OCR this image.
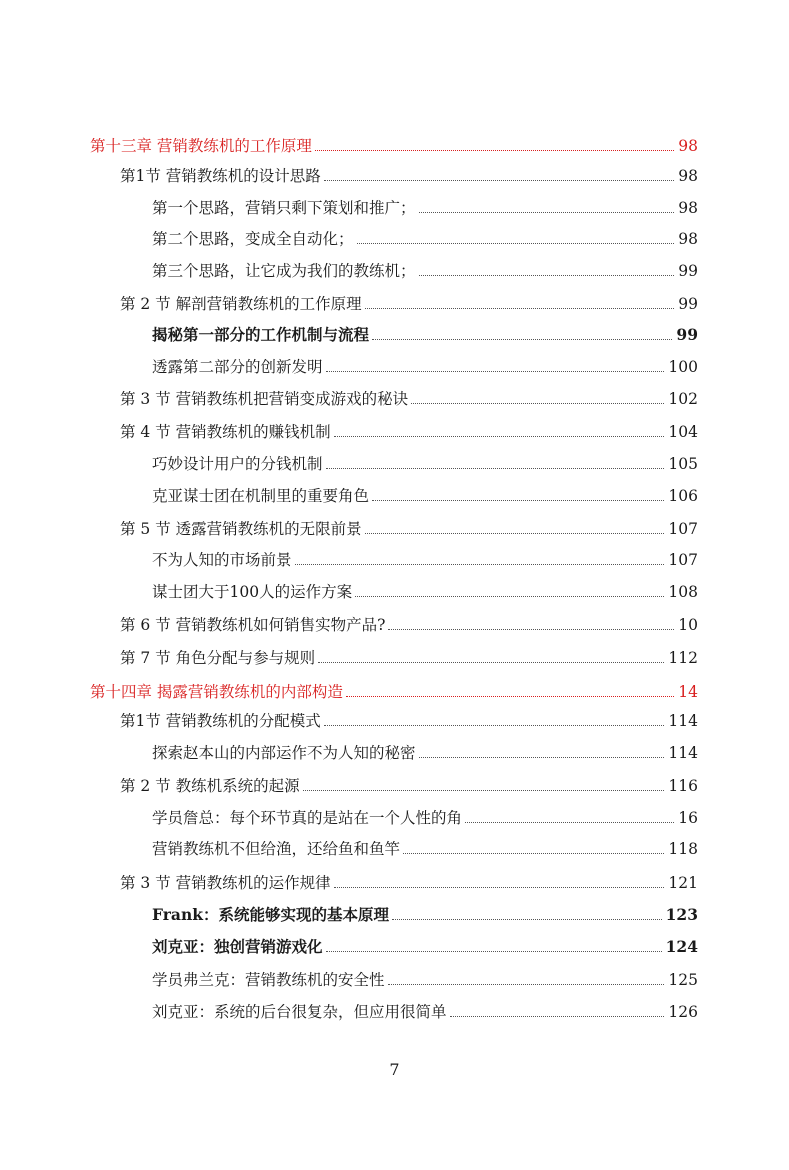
第十三章 营销教练机的工作原理	98
第1节 营销教练机的设计思路	98
第一个思路，营销只剩下策划和推广；	98
第二个思路，变成全自动化；	98
第三个思路，让它成为我们的教练机；	99
第 2 节 解剖营销教练机的工作原理	99
揭秘第一部分的工作机制与流程	99
透露第二部分的创新发明	100
第 3 节 营销教练机把营销变成游戏的秘诀	102
第 4 节 营销教练机的赚钱机制	104
巧妙设计用户的分钱机制	105
克亚谋士团在机制里的重要角色	106
第 5 节 透露营销教练机的无限前景	107
不为人知的市场前景	107
谋士团大于100人的运作方案	108
第 6 节 营销教练机如何销售实物产品?	10
第 7 节 角色分配与参与规则	112
第十四章 揭露营销教练机的内部构造	14
第1节 营销教练机的分配模式	114
探索赵本山的内部运作不为人知的秘密	114
第 2 节 教练机系统的起源	116
学员詹总：每个环节真的是站在一个人性的角	16
营销教练机不但给渔，还给鱼和鱼竿	118
第 3 节 营销教练机的运作规律	121
Frank：系统能够实现的基本原理	123
刘克亚：独创营销游戏化	124
学员弗兰克：营销教练机的安全性	125
刘克亚：系统的后台很复杂，但应用很简单	126
7
